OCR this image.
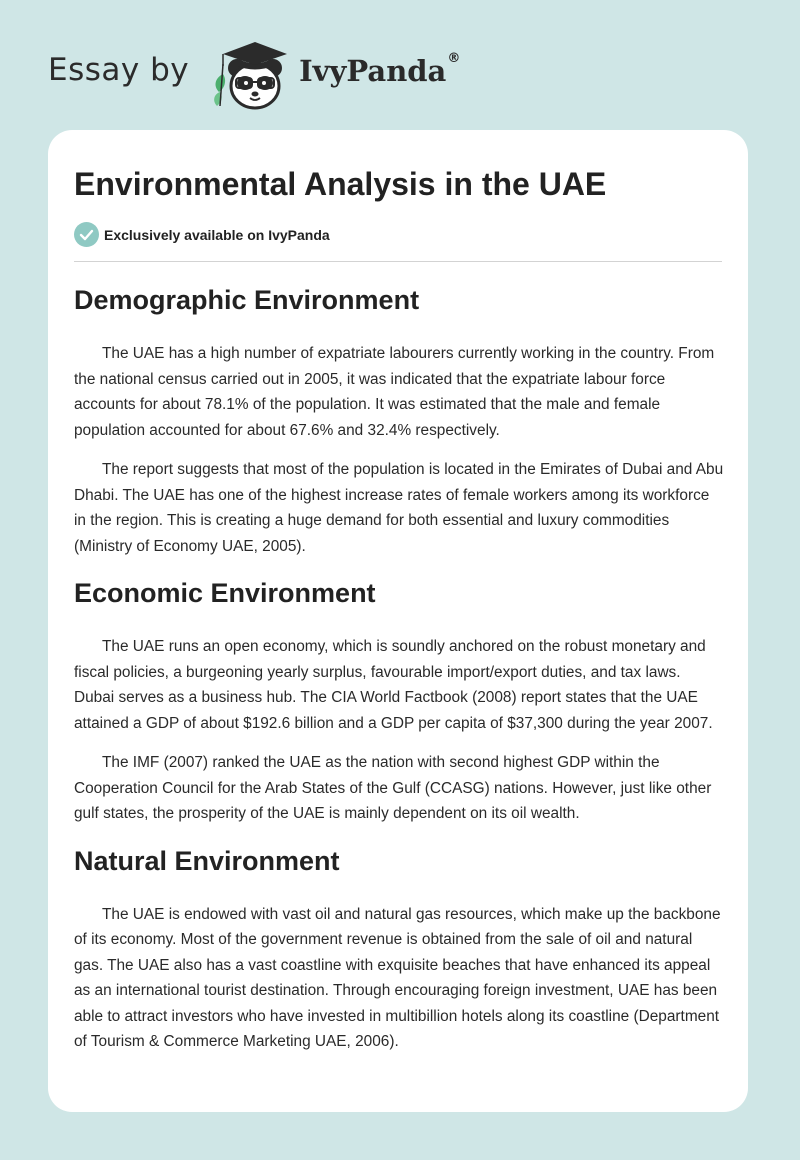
Essay by	IvyPanda ®
Environmental Analysis in the UAE
Exclusively available on IvyPanda
Demographic Environment

The UAE has a high number of expatriate labourers currently working in the country. From the national census carried out in 2005, it was indicated that the expatriate labour force accounts for about 78.1% of the population. It was estimated that the male and female population accounted for about 67.6% and 32.4% respectively.

The report suggests that most of the population is located in the Emirates of Dubai and Abu Dhabi. The UAE has one of the highest increase rates of female workers among its workforce in the region. This is creating a huge demand for both essential and luxury commodities (Ministry of Economy UAE, 2005).

Economic Environment

The UAE runs an open economy, which is soundly anchored on the robust monetary and fiscal policies, a burgeoning yearly surplus, favourable import/export duties, and tax laws. Dubai serves as a business hub. The CIA World Factbook (2008) report states that the UAE attained a GDP of about $192.6 billion and a GDP per capita of $37,300 during the year 2007.

The IMF (2007) ranked the UAE as the nation with second highest GDP within the Cooperation Council for the Arab States of the Gulf (CCASG) nations. However, just like other gulf states, the prosperity of the UAE is mainly dependent on its oil wealth.

Natural Environment

The UAE is endowed with vast oil and natural gas resources, which make up the backbone of its economy. Most of the government revenue is obtained from the sale of oil and natural gas. The UAE also has a vast coastline with exquisite beaches that have enhanced its appeal as an international tourist destination. Through encouraging foreign investment, UAE has been able to attract investors who have invested in multibillion hotels along its coastline (Department of Tourism & Commerce Marketing UAE, 2006).
